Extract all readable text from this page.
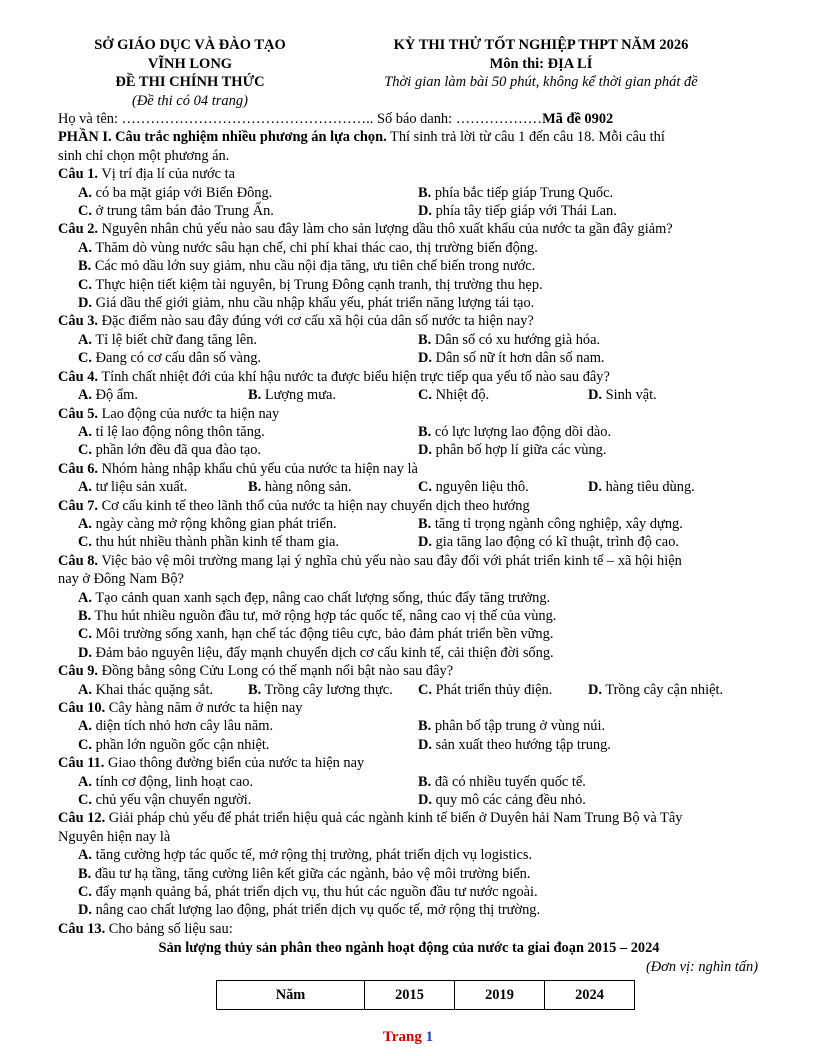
SỞ GIÁO DỤC VÀ ĐÀO TẠO
VĨNH LONG
ĐỀ THI CHÍNH THỨC
(Đề thi có 04 trang)
KỲ THI THỬ TỐT NGHIỆP THPT NĂM 2026
Môn thi: ĐỊA LÍ
Thời gian làm bài 50 phút, không kể thời gian phát đề
Họ và tên: …………………………………………….. Số báo danh: ………………Mã đề 0902
PHẦN I. Câu trắc nghiệm nhiều phương án lựa chọn. Thí sinh trả lời từ câu 1 đến câu 18. Mỗi câu thí
sinh chỉ chọn một phương án.
Câu 1. Vị trí địa lí của nước ta
A. có ba mặt giáp với Biển Đông.	B. phía bắc tiếp giáp Trung Quốc.
C. ở trung tâm bán đảo Trung Ấn.	D. phía tây tiếp giáp với Thái Lan.
Câu 2. Nguyên nhân chủ yếu nào sau đây làm cho sản lượng dầu thô xuất khẩu của nước ta gần đây giảm?
A. Thăm dò vùng nước sâu hạn chế, chi phí khai thác cao, thị trường biến động.
B. Các mỏ dầu lớn suy giảm, nhu cầu nội địa tăng, ưu tiên chế biến trong nước.
C. Thực hiện tiết kiệm tài nguyên, bị Trung Đông cạnh tranh, thị trường thu hẹp.
D. Giá dầu thế giới giảm, nhu cầu nhập khẩu yếu, phát triển năng lượng tái tạo.
Câu 3. Đặc điểm nào sau đây đúng với cơ cấu xã hội của dân số nước ta hiện nay?
A. Tỉ lệ biết chữ đang tăng lên.	B. Dân số có xu hướng già hóa.
C. Đang có cơ cấu dân số vàng.	D. Dân số nữ ít hơn dân số nam.
Câu 4. Tính chất nhiệt đới của khí hậu nước ta được biểu hiện trực tiếp qua yếu tố nào sau đây?
A. Độ ẩm.	B. Lượng mưa.	C. Nhiệt độ.	D. Sinh vật.
Câu 5. Lao động của nước ta hiện nay
A. tỉ lệ lao động nông thôn tăng.	B. có lực lượng lao động dồi dào.
C. phần lớn đều đã qua đào tạo.	D. phân bố hợp lí giữa các vùng.
Câu 6. Nhóm hàng nhập khẩu chủ yếu của nước ta hiện nay là
A. tư liệu sản xuất.	B. hàng nông sản.	C. nguyên liệu thô.	D. hàng tiêu dùng.
Câu 7. Cơ cấu kinh tế theo lãnh thổ của nước ta hiện nay chuyển dịch theo hướng
A. ngày càng mở rộng không gian phát triển.	B. tăng tỉ trọng ngành công nghiệp, xây dựng.
C. thu hút nhiều thành phần kinh tế tham gia.	D. gia tăng lao động có kĩ thuật, trình độ cao.
Câu 8. Việc bảo vệ môi trường mang lại ý nghĩa chủ yếu nào sau đây đối với phát triển kinh tế – xã hội hiện
nay ở Đông Nam Bộ?
A. Tạo cảnh quan xanh sạch đẹp, nâng cao chất lượng sống, thúc đẩy tăng trưởng.
B. Thu hút nhiều nguồn đầu tư, mở rộng hợp tác quốc tế, nâng cao vị thế của vùng.
C. Môi trường sống xanh, hạn chế tác động tiêu cực, bảo đảm phát triển bền vững.
D. Đảm bảo nguyên liệu, đẩy mạnh chuyển dịch cơ cấu kinh tế, cải thiện đời sống.
Câu 9. Đồng bằng sông Cửu Long có thế mạnh nổi bật nào sau đây?
A. Khai thác quặng sắt.	B. Trồng cây lương thực.	C. Phát triển thủy điện.	D. Trồng cây cận nhiệt.
Câu 10. Cây hàng năm ở nước ta hiện nay
A. diện tích nhỏ hơn cây lâu năm.	B. phân bố tập trung ở vùng núi.
C. phần lớn nguồn gốc cận nhiệt.	D. sản xuất theo hướng tập trung.
Câu 11. Giao thông đường biển của nước ta hiện nay
A. tính cơ động, linh hoạt cao.	B. đã có nhiều tuyến quốc tế.
C. chủ yếu vận chuyển người.	D. quy mô các cảng đều nhỏ.
Câu 12. Giải pháp chủ yếu để phát triển hiệu quả các ngành kinh tế biển ở Duyên hải Nam Trung Bộ và Tây
Nguyên hiện nay là
A. tăng cường hợp tác quốc tế, mở rộng thị trường, phát triển dịch vụ logistics.
B. đầu tư hạ tầng, tăng cường liên kết giữa các ngành, bảo vệ môi trường biển.
C. đẩy mạnh quảng bá, phát triển dịch vụ, thu hút các nguồn đầu tư nước ngoài.
D. nâng cao chất lượng lao động, phát triển dịch vụ quốc tế, mở rộng thị trường.
Câu 13. Cho bảng số liệu sau:
Sản lượng thủy sản phân theo ngành hoạt động của nước ta giai đoạn 2015 – 2024
(Đơn vị: nghìn tấn)
Năm	2015	2019	2024
Trang 1
